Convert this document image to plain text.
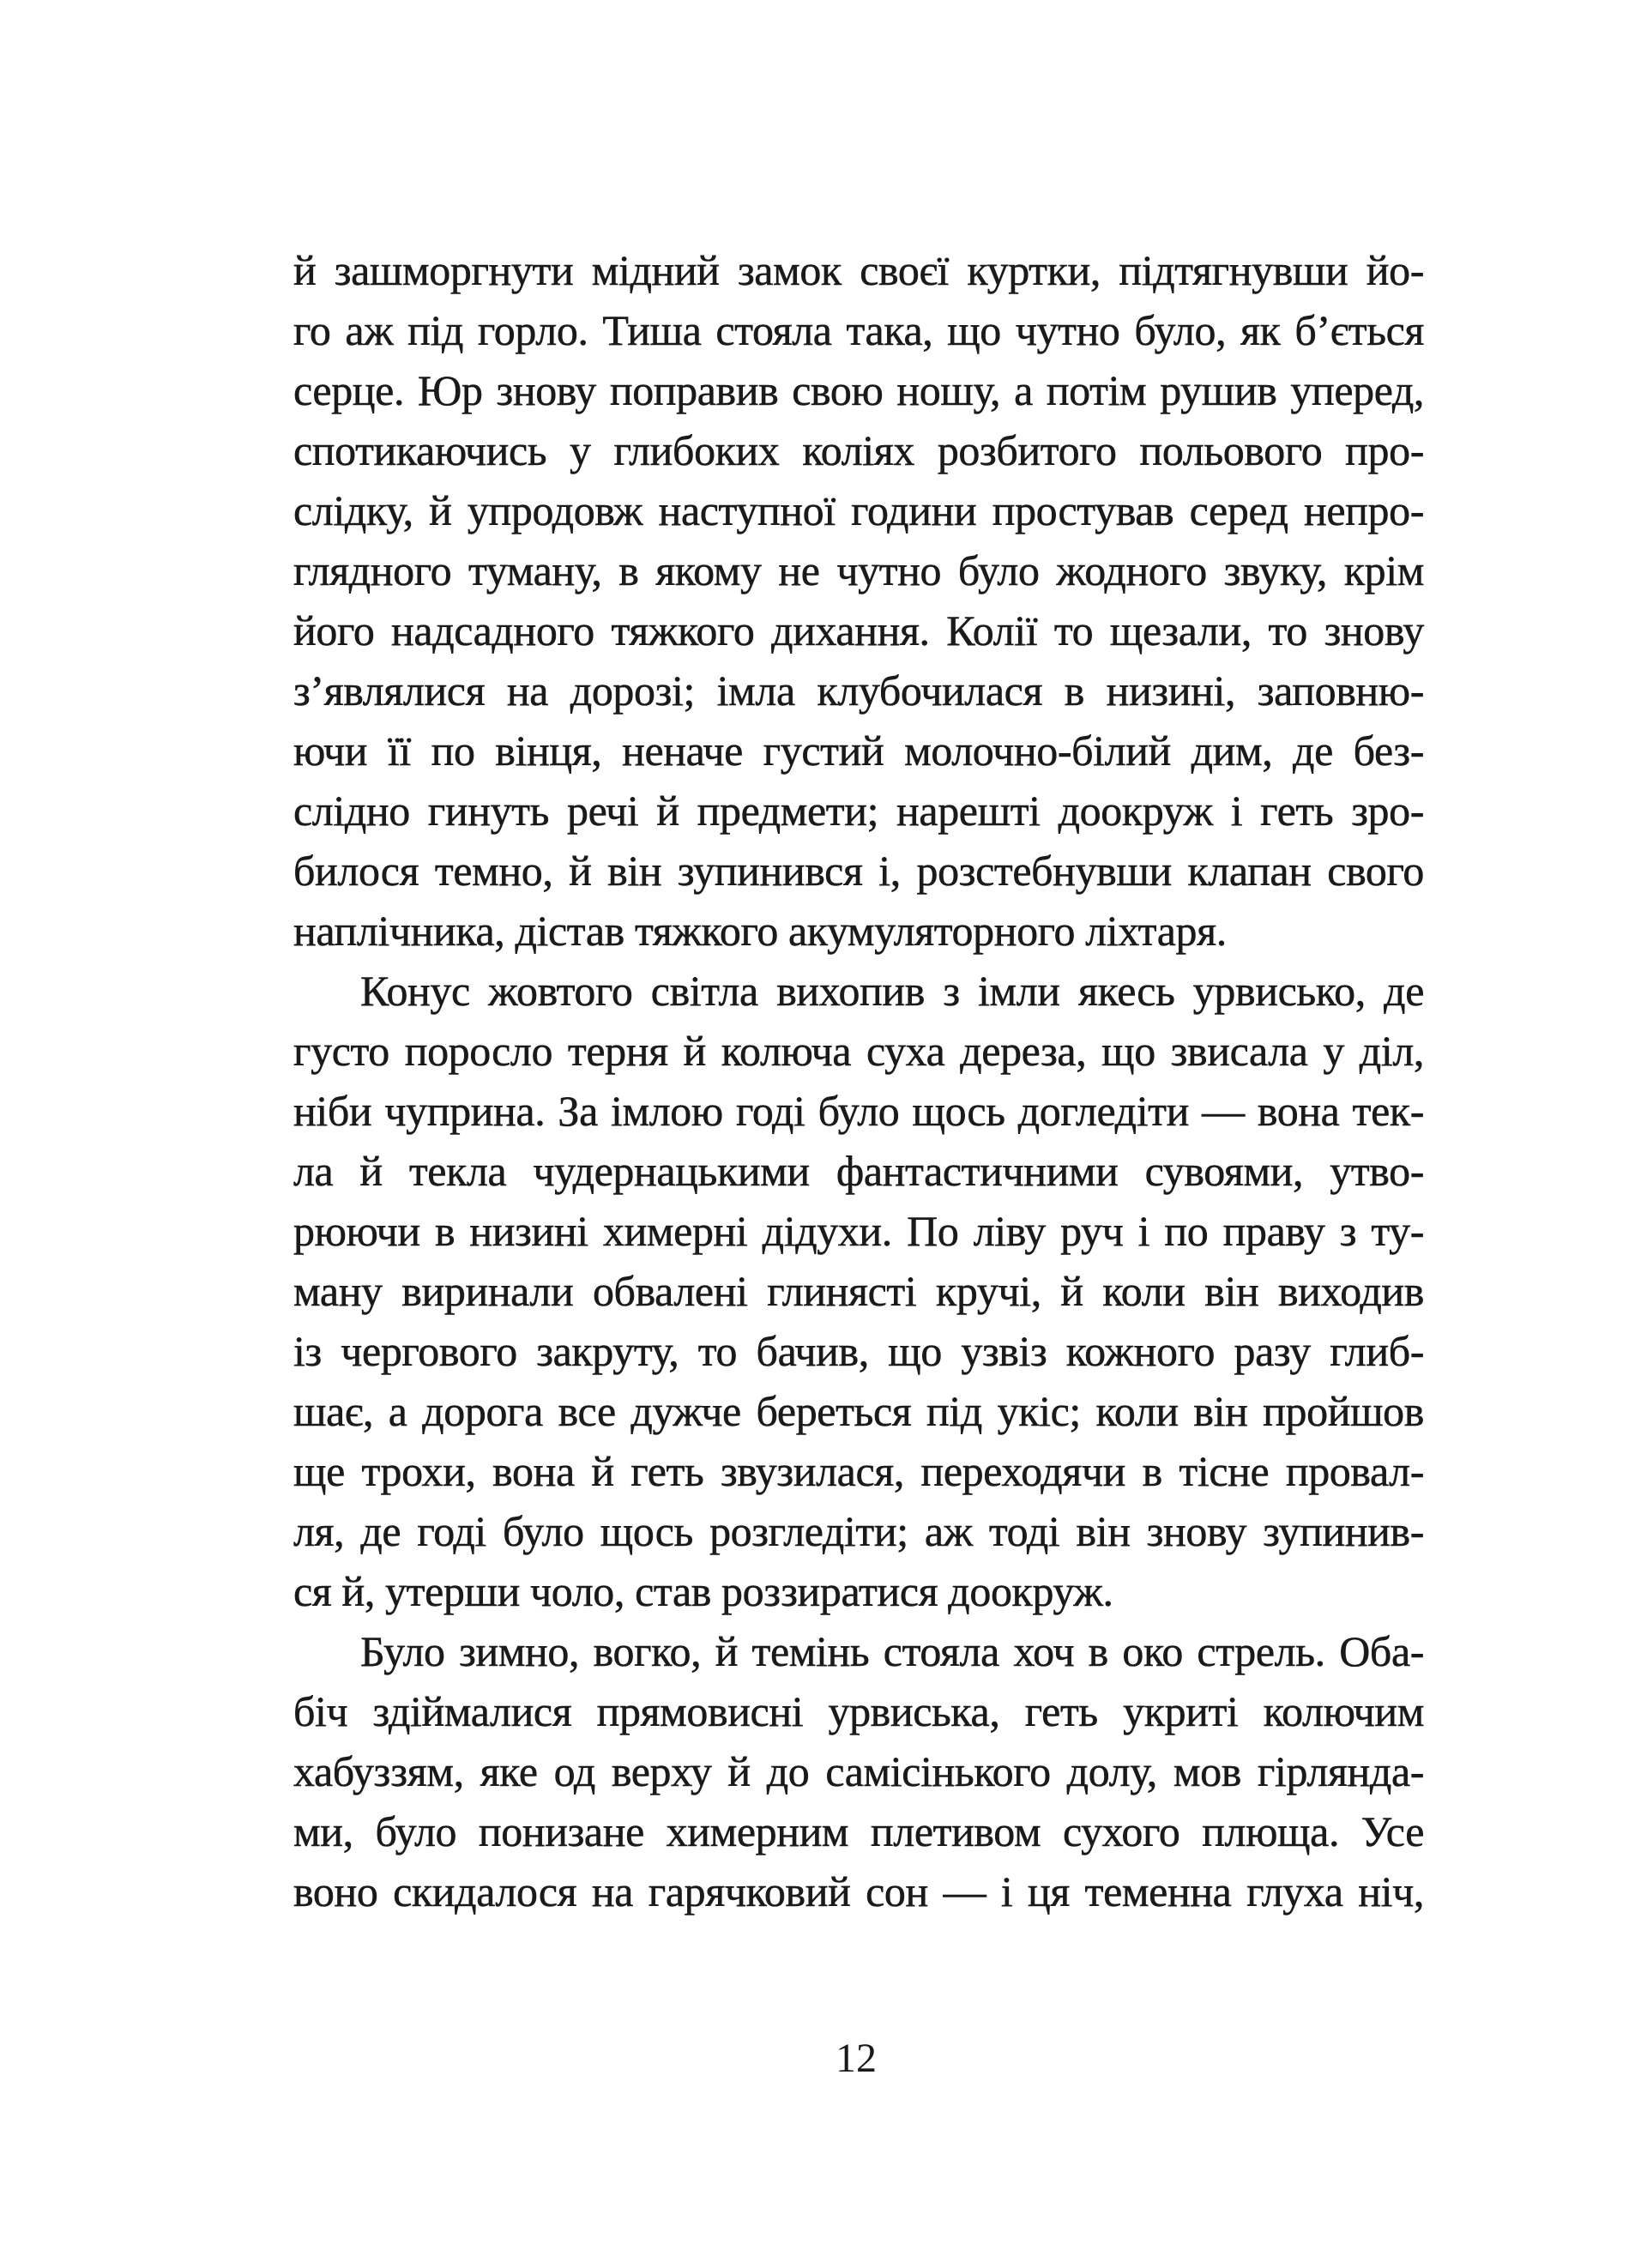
й зашморгнути мідний замок своєї куртки, підтягнувши йо-
го аж під горло. Тиша стояла така, що чутно було, як б’ється
серце. Юр знову поправив свою ношу, а потім рушив уперед,
спотикаючись у глибоких коліях розбитого польового про-
слідку, й упродовж наступної години простував серед непро-
глядного туману, в якому не чутно було жодного звуку, крім
його надсадного тяжкого дихання. Колії то щезали, то знову
з’являлися на дорозі; імла клубочилася в низині, заповню-
ючи її по вінця, неначе густий молочно-білий дим, де без-
слідно гинуть речі й предмети; нарешті доокруж і геть зро-
билося темно, й він зупинився і, розстебнувши клапан свого
наплічника, дістав тяжкого акумуляторного ліхтаря.
Конус жовтого світла вихопив з імли якесь урвисько, де
густо поросло терня й колюча суха дереза, що звисала у діл,
ніби чуприна. За імлою годі було щось догледіти — вона тек-
ла й текла чудернацькими фантастичними сувоями, утво-
рюючи в низині химерні дідухи. По ліву руч і по праву з ту-
ману виринали обвалені глинясті кручі, й коли він виходив
із чергового закруту, то бачив, що узвіз кожного разу глиб-
шає, а дорога все дужче береться під укіс; коли він пройшов
ще трохи, вона й геть звузилася, переходячи в тісне провал-
ля, де годі було щось розгледіти; аж тоді він знову зупинив-
ся й, утерши чоло, став роззиратися доокруж.
Було зимно, вогко, й темінь стояла хоч в око стрель. Оба-
біч здіймалися прямовисні урвиська, геть укриті колючим
хабуззям, яке од верху й до самісінького долу, мов гірлянда-
ми, було понизане химерним плетивом сухого плюща. Усе
воно скидалося на гарячковий сон — і ця теменна глуха ніч,
12
